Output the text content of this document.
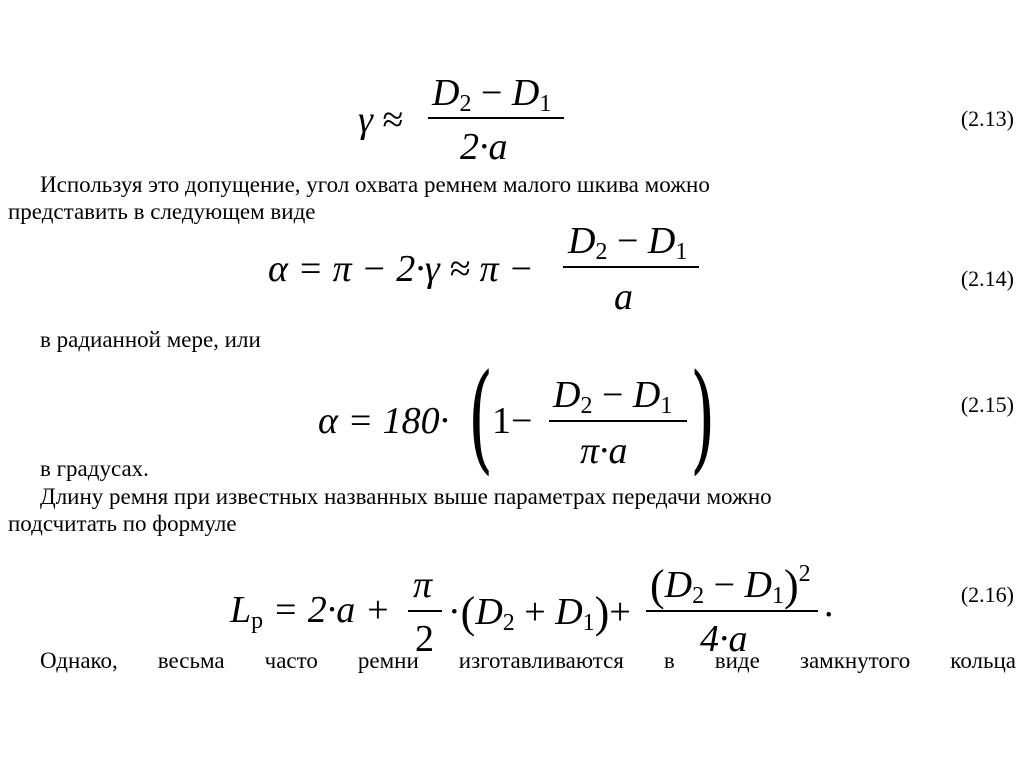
γ ≈
$D_2 - D_1$
2·a
(2.13)
Используя это допущение, угол охвата ремнем малого шкива можно
представить в следующем виде
α = π − 2·γ ≈ π −
$D_2 - D_1$
a	(2.14)
в радианной мере, или
α = 180· (
1−
$D_2 - D_1$
π·a )	(2.15)
в градусах.
Длину ремня при известных названных выше параметрах передачи можно
подсчитать по формуле
$L_p = 2\cdot a$ +
π
2
$\cdot(D_2 + D_1)+$
$(D_2 - D_1)^2$
4·a
.	(2.16)
Однако, весьма часто ремни изготавливаются в виде замкнутого кольца
